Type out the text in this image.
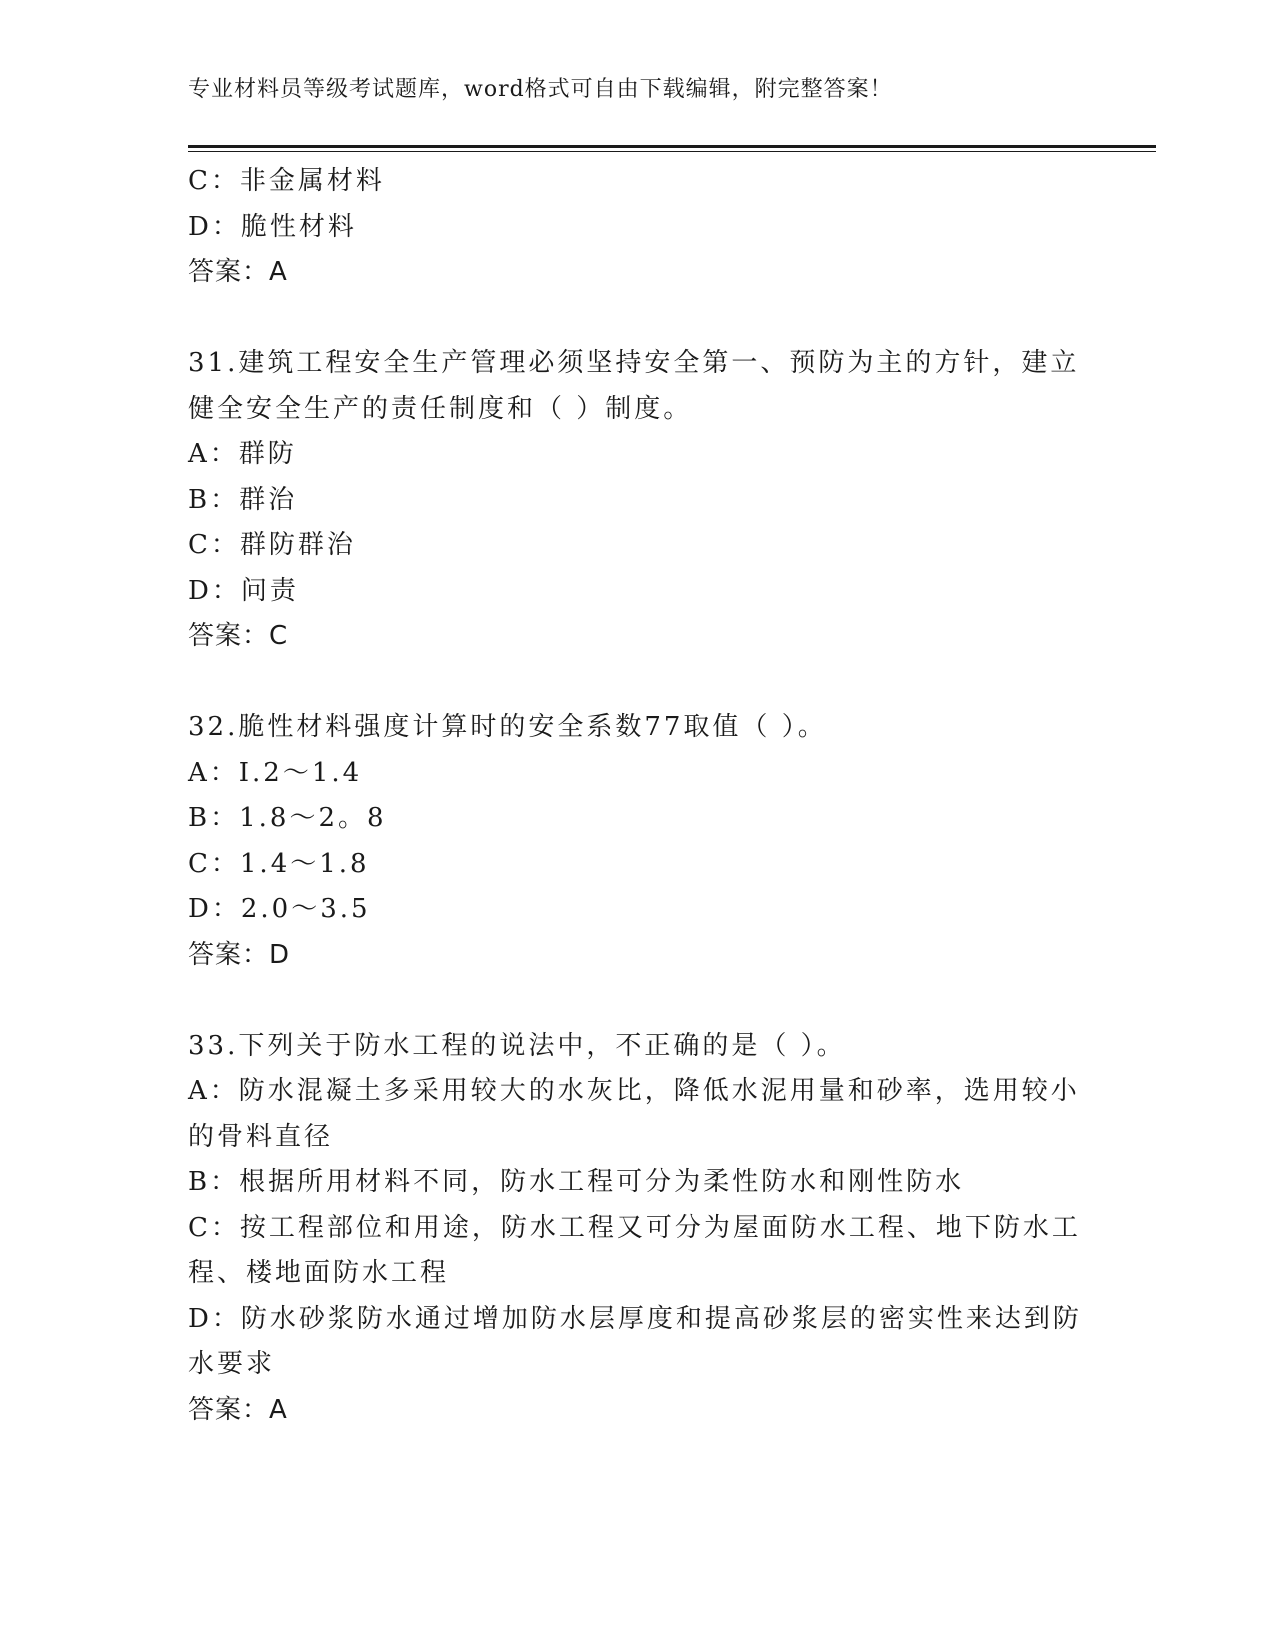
专业材料员等级考试题库，word格式可自由下载编辑，附完整答案！
C：非金属材料
D：脆性材料
答案：A
31.建筑工程安全生产管理必须坚持安全第一、预防为主的方针，建立
健全安全生产的责任制度和（ ）制度。
A：群防
B：群治
C：群防群治
D：问责
答案：C
32.脆性材料强度计算时的安全系数77取值（ ）。
A：I.2～1.4
B：1.8～2。8
C：1.4～1.8
D：2.0～3.5
答案：D
33.下列关于防水工程的说法中，不正确的是（ ）。
A：防水混凝土多采用较大的水灰比，降低水泥用量和砂率，选用较小
的骨料直径
B：根据所用材料不同，防水工程可分为柔性防水和刚性防水
C：按工程部位和用途，防水工程又可分为屋面防水工程、地下防水工
程、楼地面防水工程
D：防水砂浆防水通过增加防水层厚度和提高砂浆层的密实性来达到防
水要求
答案：A
